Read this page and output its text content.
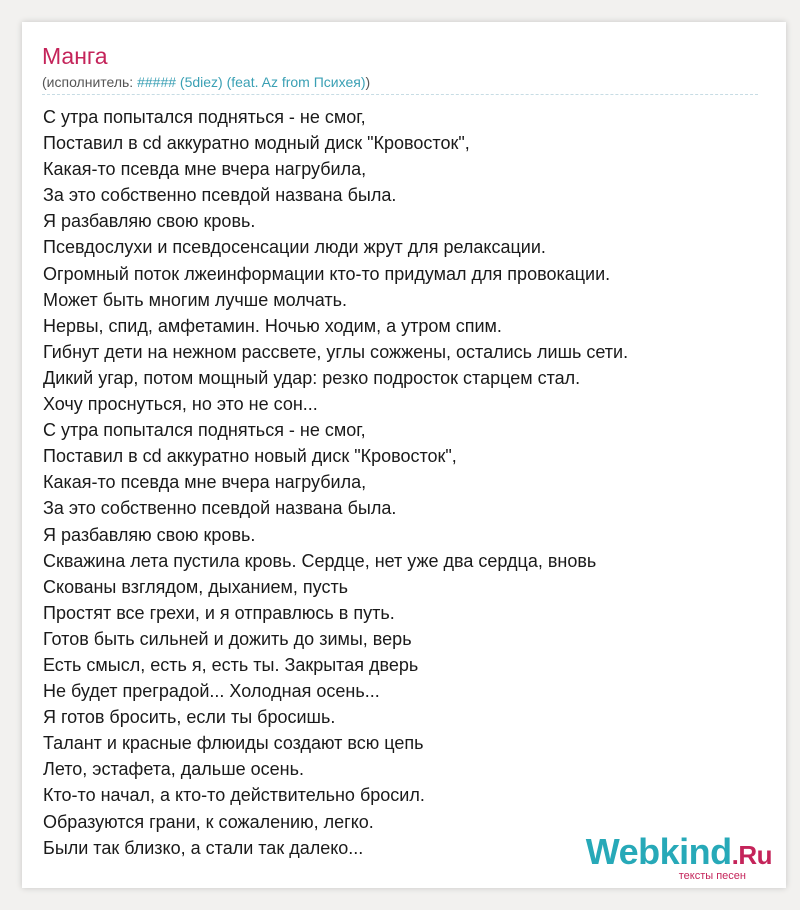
Манга
(исполнитель: ##### (5diez) (feat. Az from Психея))
С утра попытался подняться - не смог,
Поставил в cd аккуратно модный диск "Кровосток",
Какая-то псевда мне вчера нагрубила,
За это собственно псевдой названа была.
Я разбавляю свою кровь.
Псевдослухи и псевдосенсации люди жрут для релаксации.
Огромный поток лжеинформации кто-то придумал для провокации.
Может быть многим лучше молчать.
Нервы, спид, амфетамин. Ночью ходим, а утром спим.
Гибнут дети на нежном рассвете, углы сожжены, остались лишь сети.
Дикий угар, потом мощный удар: резко подросток старцем стал.
Хочу проснуться, но это не сон...
С утра попытался подняться - не смог,
Поставил в cd аккуратно новый диск "Кровосток",
Какая-то псевда мне вчера нагрубила,
За это собственно псевдой названа была.
Я разбавляю свою кровь.
Скважина лета пустила кровь. Сердце, нет уже два сердца, вновь
Скованы взглядом, дыханием, пусть
Простят все грехи, и я отправлюсь в путь.
Готов быть сильней и дожить до зимы, верь
Есть смысл, есть я, есть ты. Закрытая дверь
Не будет преградой... Холодная осень...
Я готов бросить, если ты бросишь.
Талант и красные флюиды создают всю цепь
Лето, эстафета, дальше осень.
Кто-то начал, а кто-то действительно бросил.
Образуются грани, к сожалению, легко.
Были так близко, а стали так далеко...	Webkind.Ru
тексты песен
